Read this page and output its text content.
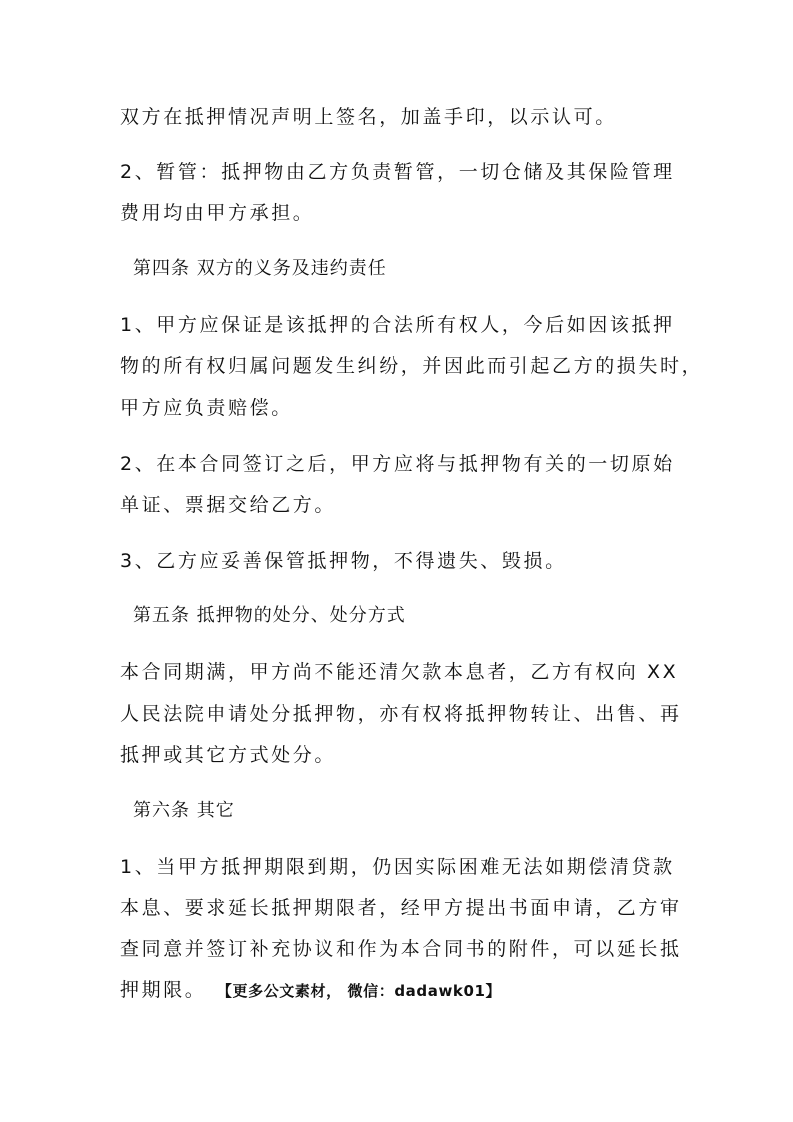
双方在抵押情况声明上签名，加盖手印，以示认可。
2、暂管：抵押物由乙方负责暂管，一切仓储及其保险管理
费用均由甲方承担。
第四条 双方的义务及违约责任
1、甲方应保证是该抵押的合法所有权人，今后如因该抵押
物的所有权归属问题发生纠纷，并因此而引起乙方的损失时，
甲方应负责赔偿。
2、在本合同签订之后，甲方应将与抵押物有关的一切原始
单证、票据交给乙方。
3、乙方应妥善保管抵押物，不得遗失、毁损。
第五条 抵押物的处分、处分方式
本合同期满，甲方尚不能还清欠款本息者，乙方有权向 XX
人民法院申请处分抵押物，亦有权将抵押物转让、出售、再
抵押或其它方式处分。
第六条 其它
1、当甲方抵押期限到期，仍因实际困难无法如期偿清贷款
本息、要求延长抵押期限者，经甲方提出书面申请，乙方审
查同意并签订补充协议和作为本合同书的附件，可以延长抵
押期限。 【更多公文素材， 微信：dadawk01】
